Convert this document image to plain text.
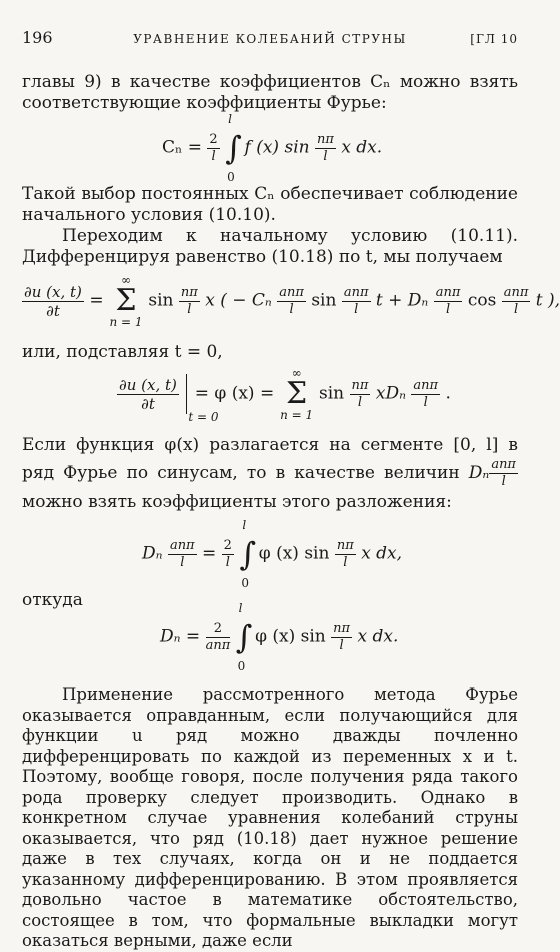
196	УРАВНЕНИЕ КОЛЕБАНИЙ СТРУНЫ	[ГЛ 10

главы 9) в качестве коэффициентов Cₙ можно взять соответствующие коэффициенты Фурье:

$C_n = \frac{2}{l}$

l
∫
0
f (x) $\sin \frac{n\pi}{l}$ x dx.

Такой выбор постоянных Cₙ обеспечивает соблюдение начального условия (10.10).

Переходим к начальному условию (10.11). Дифференцируя равенство (10.18) по t, мы получаем

$\frac{\partial u (x, t)}{\partial t}$ =
∞
Σ
n = 1
$\sin \frac{n\pi}{l}$ x ( − Cₙ $\frac{\text{anπ}}{l}$ $\sin \frac{\text{anπ}}{l}$ t + Dₙ $\frac{\text{anπ}}{l}$ $\cos \frac{\text{anπ}}{l}$ t ),

или, подставляя t = 0,

$\frac{\partial u (x, t)}{\partial t}$

t = 0
= φ (x) =
∞
Σ
n = 1
$\sin \frac{n\pi}{l}$ xDₙ $\frac{\text{anπ}}{l}$ .

Если функция φ(x) разлагается на сегменте [0, l] в ряд Фурье по синусам, то в качестве величин Dₙ $\frac{\text{anπ}}{l}$
можно взять коэффициенты этого разложения:

Dₙ $\frac{\text{anπ}}{l} = \frac{2}{l}$

l
∫
0
φ (x) $\sin \frac{n\pi}{l}$ x dx,

откуда

$D_n = \frac{2}{\text{anπ}}$

l
∫
0
φ (x) $\sin \frac{n\pi}{l}$ x dx.

Применение рассмотренного метода Фурье оказывается оправданным, если получающийся для функции u ряд можно дважды почленно дифференцировать по каждой из переменных x и t. Поэтому, вообще говоря, после получения ряда такого рода проверку следует производить. Однако в конкретном случае уравнения колебаний струны оказывается, что ряд (10.18) дает нужное решение даже в тех случаях, когда он и не поддается указанному дифференцированию. В этом проявляется довольно частое в математике обстоятельство, состоящее в том, что формальные выкладки могут оказаться верными, даже если
